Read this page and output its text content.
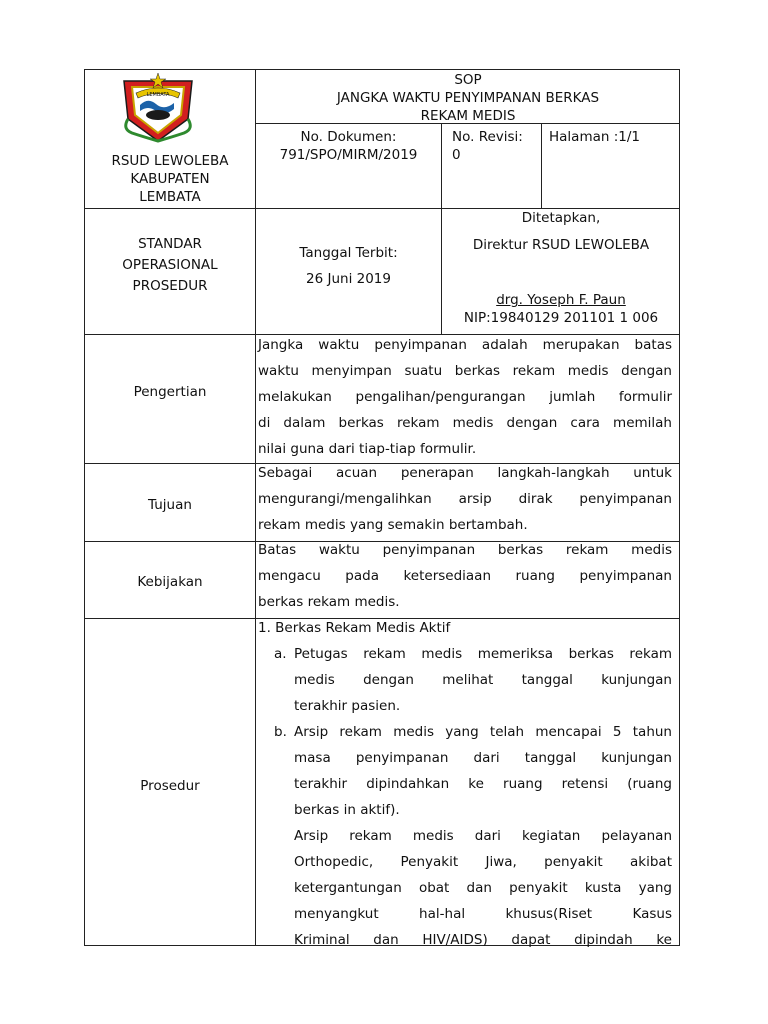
LEMBATA
RSUD LEWOLEBA
KABUPATEN
LEMBATA
SOP
JANGKA WAKTU PENYIMPANAN BERKAS
REKAM MEDIS
No. Dokumen:
791/SPO/MIRM/2019
No. Revisi:
0
Halaman :1/1
STANDAR
OPERASIONAL
PROSEDUR
Tanggal Terbit:
26 Juni 2019
Ditetapkan,
Direktur RSUD LEWOLEBA
drg. Yoseph F. Paun
NIP:19840129 201101 1 006
Pengertian
Tujuan
Kebijakan
Prosedur

Jangka waktu penyimpanan adalah merupakan batas

waktu menyimpan suatu berkas rekam medis dengan

melakukan pengalihan/pengurangan jumlah formulir

di dalam berkas rekam medis dengan cara memilah

nilai guna dari tiap-tiap formulir.

Sebagai acuan penerapan langkah-langkah untuk

mengurangi/mengalihkan arsip dirak penyimpanan

rekam medis yang semakin bertambah.

Batas waktu penyimpanan berkas rekam medis

mengacu pada ketersediaan ruang penyimpanan

berkas rekam medis.

1. Berkas Rekam Medis Aktif
a. Petugas rekam medis memeriksa berkas rekam

medis dengan melihat tanggal kunjungan

terakhir pasien.

b. Arsip rekam medis yang telah mencapai 5 tahun

masa penyimpanan dari tanggal kunjungan

terakhir dipindahkan ke ruang retensi (ruang

berkas in aktif).

Arsip rekam medis dari kegiatan pelayanan

Orthopedic, Penyakit Jiwa, penyakit akibat

ketergantungan obat dan penyakit kusta yang

menyangkut hal-hal khusus(Riset Kasus

Kriminal dan HIV/AIDS) dapat dipindah ke
